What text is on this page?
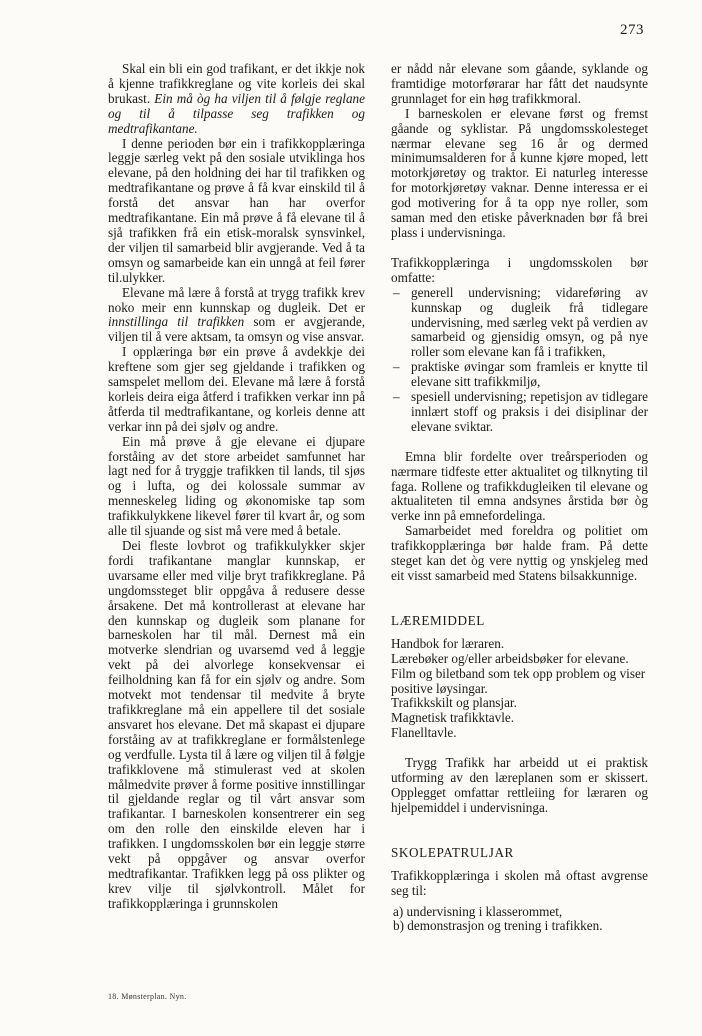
273

Skal ein bli ein god trafikant, er det ikkje nok å kjenne trafikkreglane og vite korleis dei skal brukast. Ein må òg ha viljen til å følgje reglane og til å tilpasse seg trafikken og medtrafikantane.

I denne perioden bør ein i trafikkopplæringa leggje særleg vekt på den sosiale utviklinga hos elevane, på den holdning dei har til trafikken og medtrafikantane og prøve å få kvar einskild til å forstå det ansvar han har overfor medtrafikantane. Ein må prøve å få elevane til å sjå trafikken frå ein etisk-moralsk synsvinkel, der viljen til samarbeid blir avgjerande. Ved å ta omsyn og samarbeide kan ein unngå at feil fører til.ulykker.

Elevane må lære å forstå at trygg trafikk krev noko meir enn kunnskap og dugleik. Det er innstillinga til trafikken som er avgjerande, viljen til å vere aktsam, ta omsyn og vise ansvar.

I opplæringa bør ein prøve å avdekkje dei kreftene som gjer seg gjeldande i trafikken og samspelet mellom dei. Elevane må lære å forstå korleis deira eiga åtferd i trafikken verkar inn på åtferda til medtrafikantane, og korleis denne att verkar inn på dei sjølv og andre.

Ein må prøve å gje elevane ei djupare forståing av det store arbeidet samfunnet har lagt ned for å tryggje trafikken til lands, til sjøs og i lufta, og dei kolossale summar av menneskeleg liding og økonomiske tap som trafikkulykkene likevel fører til kvart år, og som alle til sjuande og sist må vere med å betale.

Dei fleste lovbrot og trafikkulykker skjer fordi trafikantane manglar kunnskap, er uvarsame eller med vilje bryt trafikkreglane. På ungdomssteget blir oppgåva å redusere desse årsakene. Det må kontrollerast at elevane har den kunnskap og dugleik som planane for barneskolen har til mål. Dernest må ein motverke slendrian og uvarsemd ved å leggje vekt på dei alvorlege konsekvensar ei feilholdning kan få for ein sjølv og andre. Som motvekt mot tendensar til medvite å bryte trafikkreglane må ein appellere til det sosiale ansvaret hos elevane. Det må skapast ei djupare forståing av at trafikkreglane er formålstenlege og verdfulle. Lysta til å lære og viljen til å følgje trafikklovene må stimulerast ved at skolen målmedvite prøver å forme positive innstillingar til gjeldande reglar og til vårt ansvar som trafikantar. I barneskolen konsentrerer ein seg om den rolle den einskilde eleven har i trafikken. I ungdomsskolen bør ein leggje større vekt på oppgåver og ansvar overfor medtrafikantar. Trafikken legg på oss plikter og krev vilje til sjølvkontroll. Målet for trafikkopplæringa i grunnskolen

er nådd når elevane som gåande, syklande og framtidige motorførarar har fått det naudsynte grunnlaget for ein høg trafikkmoral.

I barneskolen er elevane først og fremst gåande og syklistar. På ungdomsskolesteget nærmar elevane seg 16 år og dermed minimumsalderen for å kunne kjøre moped, lett motorkjøretøy og traktor. Ei naturleg interesse for motorkjøretøy vaknar. Denne interessa er ei god motivering for å ta opp nye roller, som saman med den etiske påverknaden bør få brei plass i undervisninga.

Trafikkopplæringa i ungdomsskolen bør omfatte:

– generell undervisning; vidareføring av kunnskap og dugleik frå tidlegare undervisning, med særleg vekt på verdien av samarbeid og gjensidig omsyn, og på nye roller som elevane kan få i trafikken,
– praktiske øvingar som framleis er knytte til elevane sitt trafikkmiljø,
– spesiell undervisning; repetisjon av tidlegare innlært stoff og praksis i dei disiplinar der elevane sviktar.

Emna blir fordelte over treårsperioden og nærmare tidfeste etter aktualitet og tilknyting til faga. Rollene og trafikkdugleiken til elevane og aktualiteten til emna andsynes årstida bør òg verke inn på emnefordelinga.

Samarbeidet med foreldra og politiet om trafikkopplæringa bør halde fram. På dette steget kan det òg vere nyttig og ynskjeleg med eit visst samarbeid med Statens bilsakkunnige.

LÆREMIDDEL
Handbok for læraren.
Lærebøker og/eller arbeidsbøker for elevane.
Film og biletband som tek opp problem og viser positive løysingar.
Trafikkskilt og plansjar.
Magnetisk trafikktavle.
Flanelltavle.

Trygg Trafikk har arbeidd ut ei praktisk utforming av den læreplanen som er skissert. Opplegget omfattar rettleiing for læraren og hjelpemiddel i undervisninga.

SKOLEPATRULJAR

Trafikkopplæringa i skolen må oftast avgrense seg til:

a) undervisning i klasserommet,
b) demonstrasjon og trening i trafikken.
18. Mønsterplan. Nyn.
